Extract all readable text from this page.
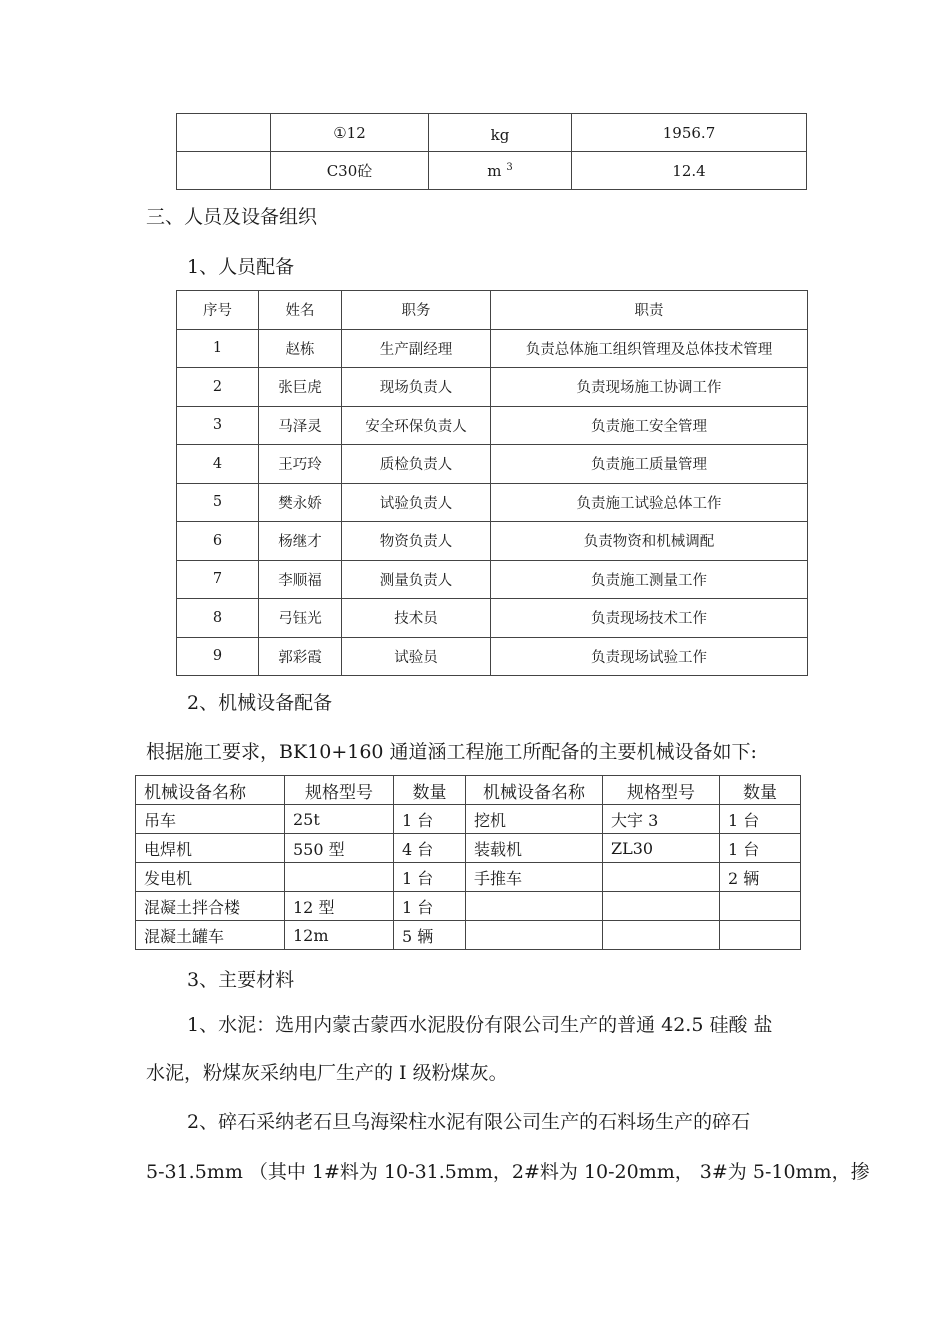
	①12	kg	1956.7
	C30砼	m $^3$	12.4
三、人员及设备组织
1、人员配备
序号	姓名	职务	职责
1	赵栋	生产副经理	负责总体施工组织管理及总体技术管理
2	张巨虎	现场负责人	负责现场施工协调工作
3	马泽灵	安全环保负责人	负责施工安全管理
4	王巧玲	质检负责人	负责施工质量管理
5	樊永娇	试验负责人	负责施工试验总体工作
6	杨继才	物资负责人	负责物资和机械调配
7	李顺福	测量负责人	负责施工测量工作
8	弓钰光	技术员	负责现场技术工作
9	郭彩霞	试验员	负责现场试验工作
2、机械设备配备
根据施工要求，BK10+160 通道涵工程施工所配备的主要机械设备如下:
机械设备名称	规格型号	数量	机械设备名称	规格型号	数量
吊车	25t	1 台	挖机	大宇 3	1 台
电焊机	550 型	4 台	装载机	ZL30	1 台
发电机		1 台	手推车		2 辆
混凝土拌合楼	12 型	1 台			
混凝土罐车	12m	5 辆			
3、主要材料
1、水泥：选用内蒙古蒙西水泥股份有限公司生产的普通 42.5 硅酸 盐
水泥，粉煤灰采纳电厂生产的 I 级粉煤灰。
2、碎石采纳老石旦乌海梁柱水泥有限公司生产的石料场生产的碎石
5-31.5mm （其中 1#料为 10-31.5mm，2#料为 10-20mm， 3#为 5-10mm，掺
